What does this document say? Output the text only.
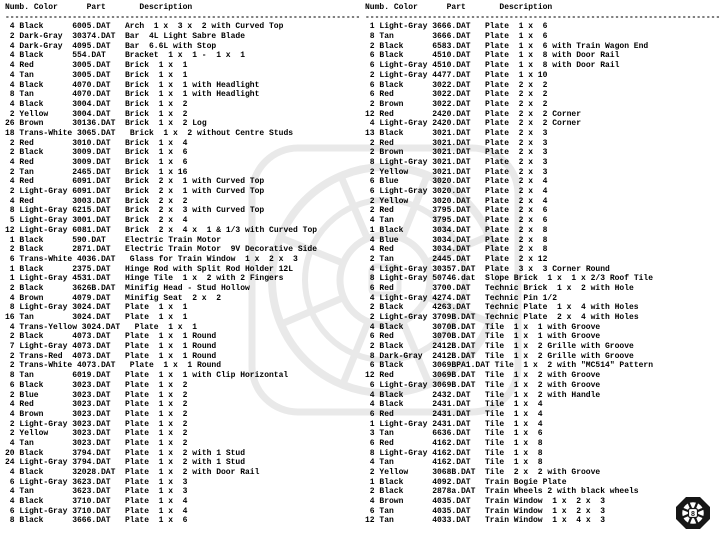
Numb. Color	Part	Description
--------------------------------------------------------------------------
4 Black	6005.DAT	Arch  1 x  3 x  2 with Curved Top
2 Dark-Gray	30374.DAT	Bar  4L Light Sabre Blade
4 Dark-Gray	4095.DAT	Bar  6.6L with Stop
4 Black	554.DAT	Bracket  1 x  1 -  1 x  1
4 Red	3005.DAT	Brick  1 x  1
4 Tan	3005.DAT	Brick  1 x  1
4 Black	4070.DAT	Brick  1 x  1 with Headlight
8 Tan	4070.DAT	Brick  1 x  1 with Headlight
4 Black	3004.DAT	Brick  1 x  2
2 Yellow	3004.DAT	Brick  1 x  2
26 Brown	30136.DAT	Brick  1 x  2 Log
18 Trans-White 3065.DAT	Brick  1 x  2 without Centre Studs
2 Red	3010.DAT	Brick  1 x  4
2 Black	3009.DAT	Brick  1 x  6
4 Red	3009.DAT	Brick  1 x  6
2 Tan	2465.DAT	Brick  1 x 16
4 Red	6091.DAT	Brick  2 x  1 with Curved Top
2 Light-Gray 6091.DAT	Brick  2 x  1 with Curved Top
4 Red	3003.DAT	Brick  2 x  2
8 Light-Gray 6215.DAT	Brick  2 x  3 with Curved Top
5 Light-Gray 3001.DAT	Brick  2 x  4
12 Light-Gray 6081.DAT	Brick  2 x  4 x  1 & 1/3 with Curved Top
1 Black	590.DAT	Electric Train Motor
2 Black	2871.DAT	Electric Train Motor  9V Decorative Side
6 Trans-White 4036.DAT	Glass for Train Window  1 x  2 x  3
1 Black	2375.DAT	Hinge Rod with Split Rod Holder 12L
1 Light-Gray 4531.DAT	Hinge Tile  1 x  2 with 2 Fingers
2 Black	3626B.DAT	Minifig Head - Stud Hollow
4 Brown	4079.DAT	Minifig Seat  2 x  2
8 Light-Gray 3024.DAT	Plate  1 x  1
16 Tan	3024.DAT	Plate  1 x  1
4 Trans-Yellow 3024.DAT	Plate  1 x  1
2 Black	4073.DAT	Plate  1 x  1 Round
7 Light-Gray 4073.DAT	Plate  1 x  1 Round
2 Trans-Red	4073.DAT	Plate  1 x  1 Round
2 Trans-White 4073.DAT	Plate  1 x  1 Round
8 Tan	6019.DAT	Plate  1 x  1 with Clip Horizontal
6 Black	3023.DAT	Plate  1 x  2
2 Blue	3023.DAT	Plate  1 x  2
4 Red	3023.DAT	Plate  1 x  2
4 Brown	3023.DAT	Plate  1 x  2
2 Light-Gray 3023.DAT	Plate  1 x  2
2 Yellow	3023.DAT	Plate  1 x  2
4 Tan	3023.DAT	Plate  1 x  2
20 Black	3794.DAT	Plate  1 x  2 with 1 Stud
24 Light-Gray 3794.DAT	Plate  1 x  2 with 1 Stud
4 Black	32028.DAT	Plate  1 x  2 with Door Rail
6 Light-Gray 3623.DAT	Plate  1 x  3
4 Tan	3623.DAT	Plate  1 x  3
4 Black	3710.DAT	Plate  1 x  4
6 Light-Gray 3710.DAT	Plate  1 x  4
8 Black	3666.DAT	Plate  1 x  6
Numb. Color	Part	Description
--------------------------------------------------------------------------
1 Light-Gray 3666.DAT	Plate  1 x  6
8 Tan	3666.DAT	Plate  1 x  6
2 Black	6583.DAT	Plate  1 x  6 with Train Wagon End
6 Black	4510.DAT	Plate  1 x  8 with Door Rail
6 Light-Gray 4510.DAT	Plate  1 x  8 with Door Rail
2 Light-Gray 4477.DAT	Plate  1 x 10
6 Black	3022.DAT	Plate  2 x  2
6 Red	3022.DAT	Plate  2 x  2
2 Brown	3022.DAT	Plate  2 x  2
12 Red	2420.DAT	Plate  2 x  2 Corner
4 Light-Gray 2420.DAT	Plate  2 x  2 Corner
13 Black	3021.DAT	Plate  2 x  3
2 Red	3021.DAT	Plate  2 x  3
2 Brown	3021.DAT	Plate  2 x  3
8 Light-Gray 3021.DAT	Plate  2 x  3
2 Yellow	3021.DAT	Plate  2 x  3
6 Blue	3020.DAT	Plate  2 x  4
6 Light-Gray 3020.DAT	Plate  2 x  4
2 Yellow	3020.DAT	Plate  2 x  4
2 Red	3795.DAT	Plate  2 x  6
4 Tan	3795.DAT	Plate  2 x  6
1 Black	3034.DAT	Plate  2 x  8
4 Blue	3034.DAT	Plate  2 x  8
4 Red	3034.DAT	Plate  2 x  8
2 Tan	2445.DAT	Plate  2 x 12
4 Light-Gray 30357.DAT	Plate  3 x  3 Corner Round
8 Light-Gray 50746.dat	Slope Brick  1 x  1 x 2/3 Roof Tile
6 Red	3700.DAT	Technic Brick  1 x  2 with Hole
4 Light-Gray 4274.DAT	Technic Pin 1/2
2 Black	4263.DAT	Technic Plate  1 x  4 with Holes
2 Light-Gray 3709B.DAT	Technic Plate  2 x  4 with Holes
4 Black	3070B.DAT	Tile  1 x  1 with Groove
6 Red	3070B.DAT	Tile  1 x  1 with Groove
2 Black	2412B.DAT	Tile  1 x  2 Grille with Groove
8 Dark-Gray	2412B.DAT	Tile  1 x  2 Grille with Groove
6 Black	3069BPA1.DAT Tile  1 x  2 with "MC514" Pattern
12 Red	3069B.DAT	Tile  1 x  2 with Groove
6 Light-Gray 3069B.DAT	Tile  1 x  2 with Groove
4 Black	2432.DAT	Tile  1 x  2 with Handle
4 Black	2431.DAT	Tile  1 x  4
6 Red	2431.DAT	Tile  1 x  4
1 Light-Gray 2431.DAT	Tile  1 x  4
3 Tan	6636.DAT	Tile  1 x  6
6 Red	4162.DAT	Tile  1 x  8
8 Light-Gray 4162.DAT	Tile  1 x  8
4 Tan	4162.DAT	Tile  1 x  8
2 Yellow	3068B.DAT	Tile  2 x  2 with Groove
1 Black	4092.DAT	Train Bogie Plate
2 Black	2878a.DAT	Train Wheels 2 with black wheels
4 Brown	4035.DAT	Train Window  1 x  2 x  3
6 Tan	4035.DAT	Train Window  1 x  2 x  3
12 Tan	4033.DAT	Train Window  1 x  4 x  3
8
